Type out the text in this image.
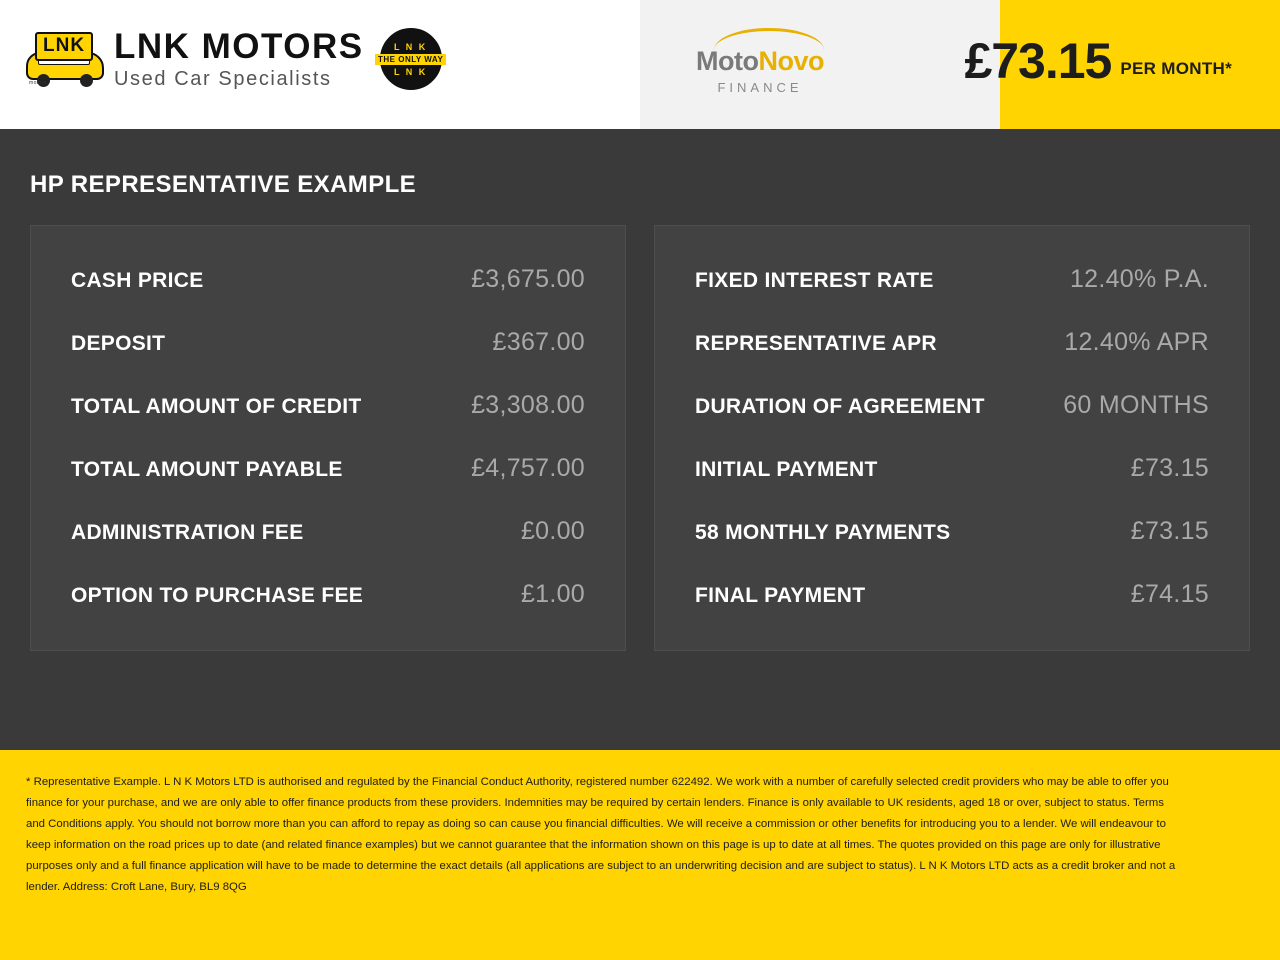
LNK
motors
LNK MOTORS
Used Car Specialists
L N K
THE ONLY WAY
L N K	MotoNovo
FINANCE	£73.15 PER MONTH*
HP REPRESENTATIVE EXAMPLE
CASH PRICE	£3,675.00
DEPOSIT	£367.00
TOTAL AMOUNT OF CREDIT	£3,308.00
TOTAL AMOUNT PAYABLE	£4,757.00
ADMINISTRATION FEE	£0.00
OPTION TO PURCHASE FEE	£1.00
FIXED INTEREST RATE	12.40% P.A.
REPRESENTATIVE APR	12.40% APR
DURATION OF AGREEMENT	60 MONTHS
INITIAL PAYMENT	£73.15
58 MONTHLY PAYMENTS	£73.15
FINAL PAYMENT	£74.15

* Representative Example. L N K Motors LTD is authorised and regulated by the Financial Conduct Authority, registered number 622492. We work with a number of carefully selected credit providers who may be able to offer you finance for your purchase, and we are only able to offer finance products from these providers. Indemnities may be required by certain lenders. Finance is only available to UK residents, aged 18 or over, subject to status. Terms and Conditions apply. You should not borrow more than you can afford to repay as doing so can cause you financial difficulties. We will receive a commission or other benefits for introducing you to a lender. We will endeavour to keep information on the road prices up to date (and related finance examples) but we cannot guarantee that the information shown on this page is up to date at all times. The quotes provided on this page are only for illustrative purposes only and a full finance application will have to be made to determine the exact details (all applications are subject to an underwriting decision and are subject to status). L N K Motors LTD acts as a credit broker and not a lender. Address: Croft Lane, Bury, BL9 8QG
